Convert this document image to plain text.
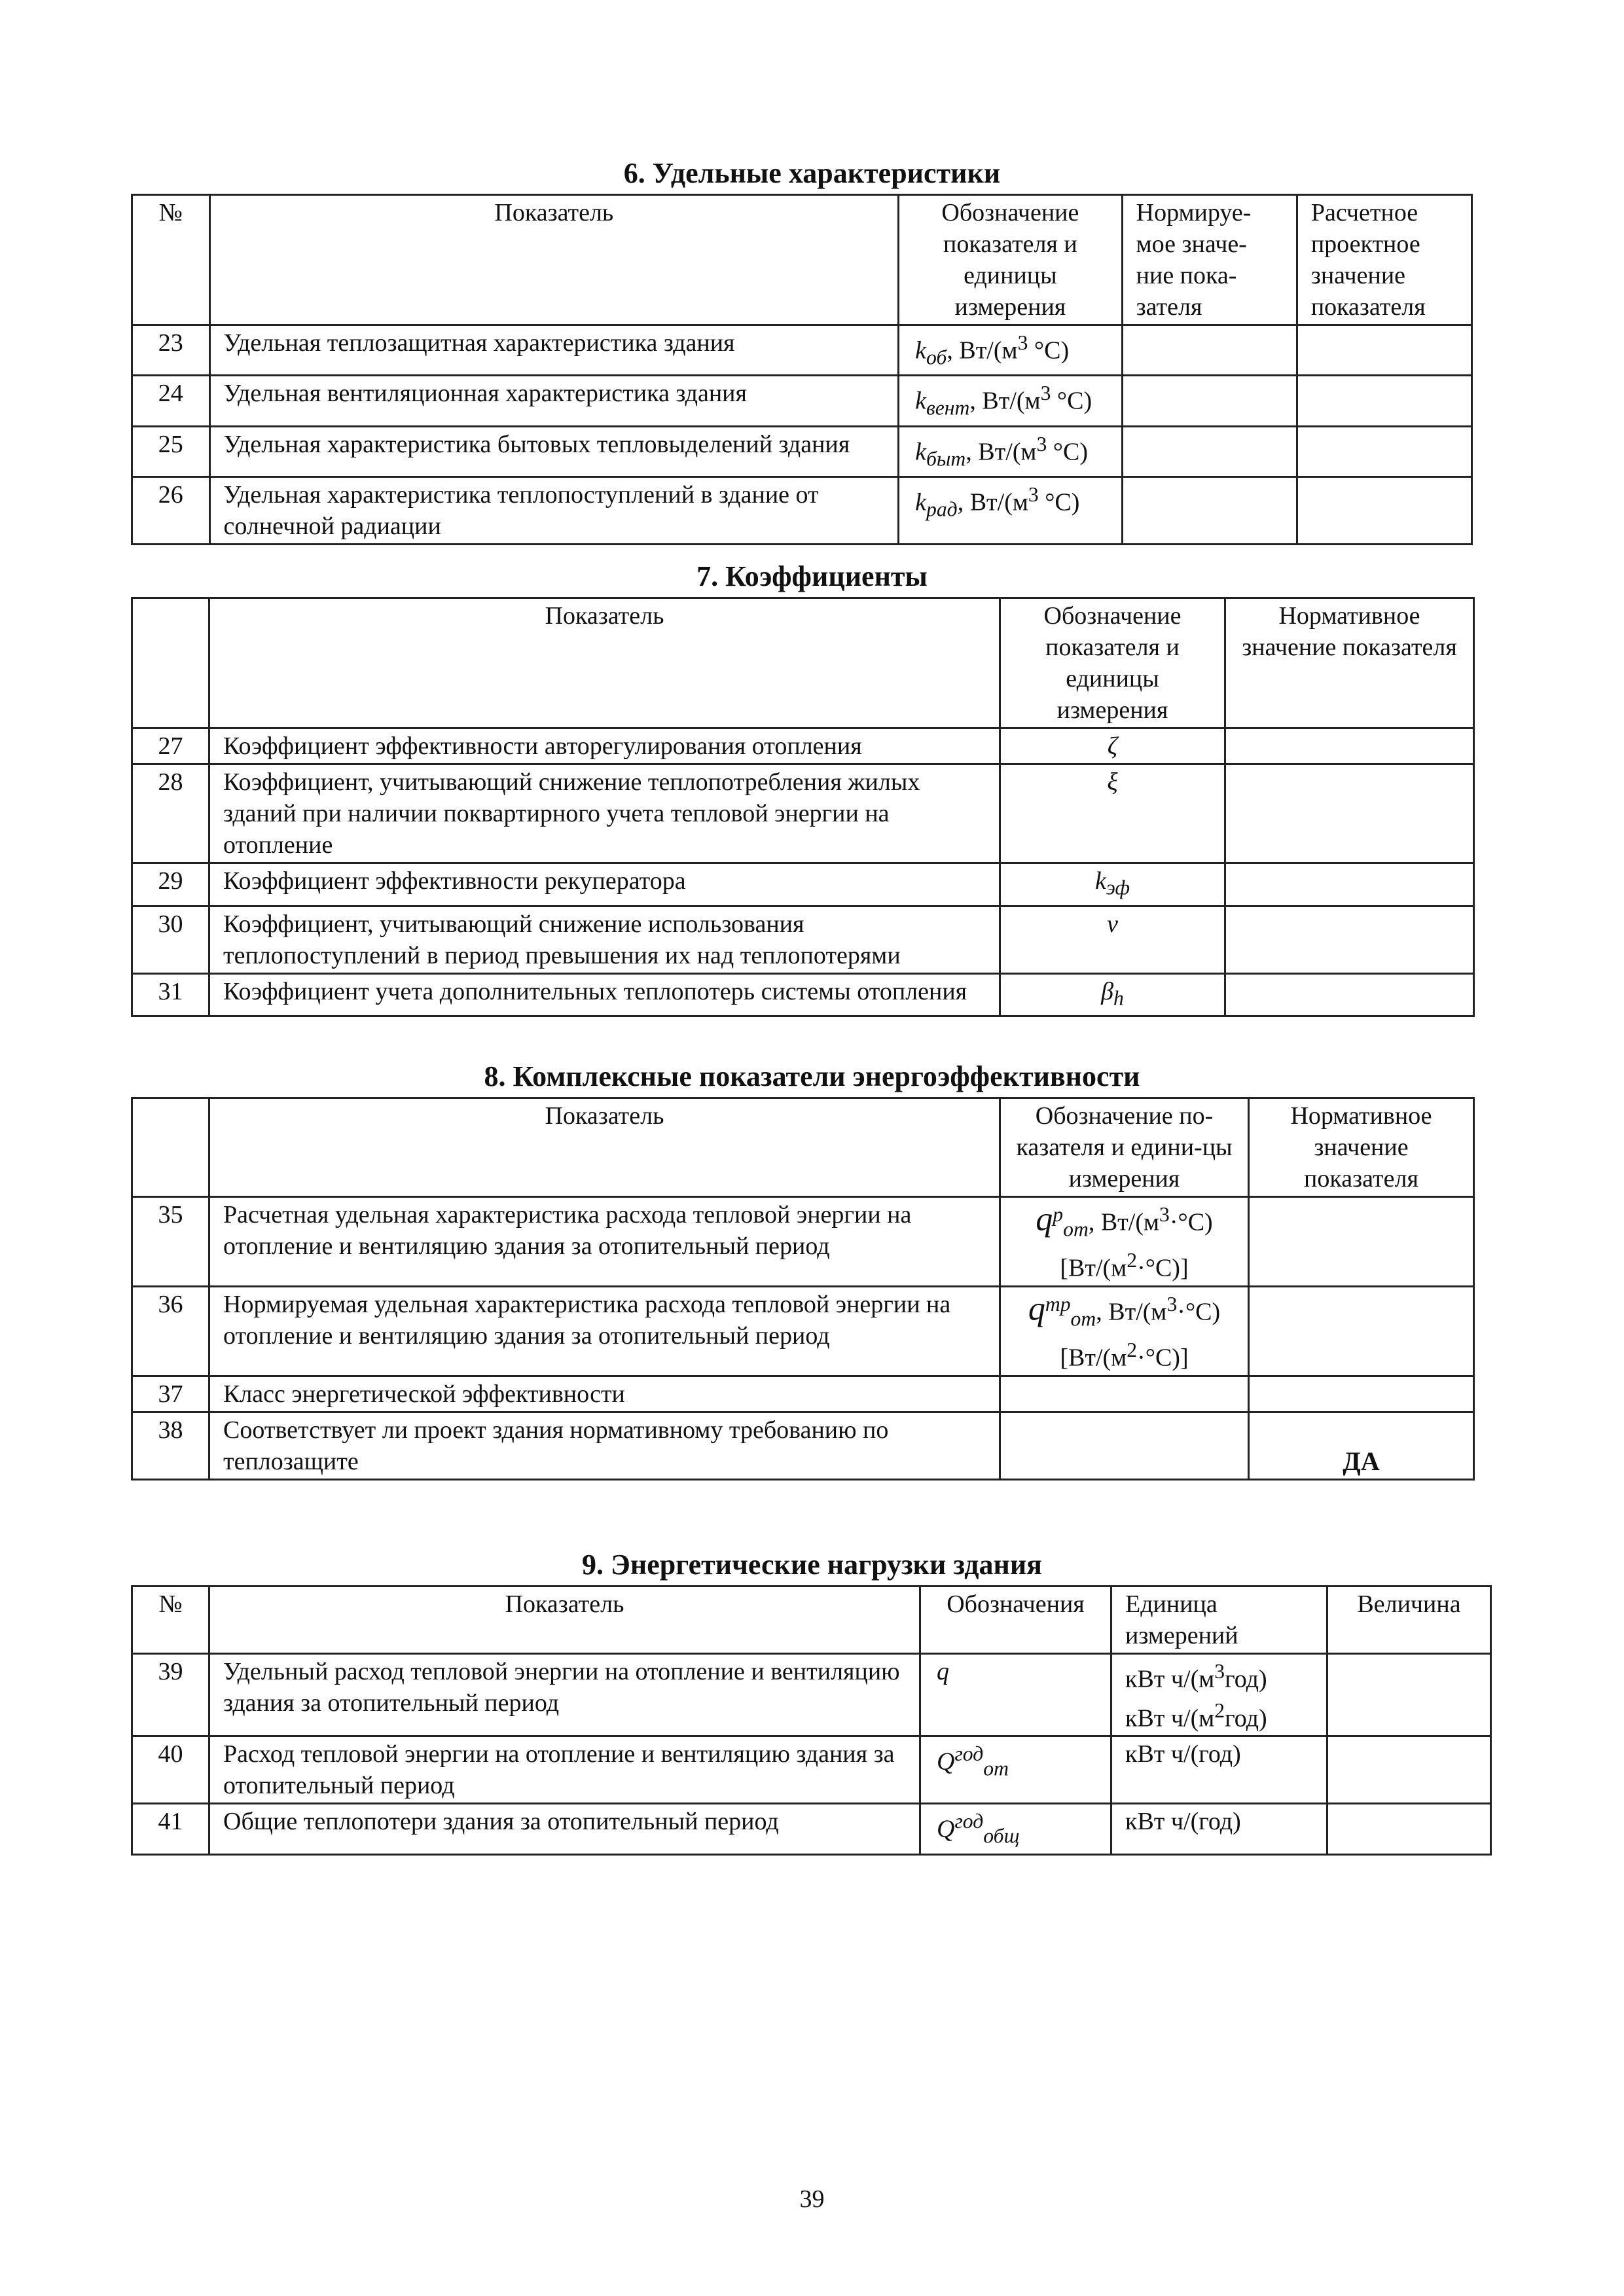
6. Удельные характеристики
№	Показатель	Обозначение показателя и единицы измерения	Нормируе-мое значе-ние пока-зателя	Расчетное проектное значение показателя
23	Удельная теплозащитная характеристика здания	$k_{об}$, $Вт/(м^3$ °С)		
24	Удельная вентиляционная характеристика здания	$k_{вент}$, $Вт/(м^3$ °С)		
25	Удельная характеристика бытовых тепловыделений здания	$k_{быт}$, $Вт/(м^3$ °С)		
26	Удельная характеристика теплопоступлений в здание от солнечной радиации	$k_{рад}$, $Вт/(м^3$ °С)		
7. Коэффициенты
	Показатель	Обозначение показателя и единицы измерения	Нормативное значение показателя
27	Коэффициент эффективности авторегулирования отопления	ζ	
28	Коэффициент, учитывающий снижение теплопотребления жилых зданий при наличии поквартирного учета тепловой энергии на отопление	ξ	
29	Коэффициент эффективности рекуператора	$k_{эф}$	
30	Коэффициент, учитывающий снижение использования теплопоступлений в период превышения их над теплопотерями	ν	
31	Коэффициент учета дополнительных теплопотерь системы отопления	$\beta_h$	
8. Комплексные показатели энергоэффективности
	Показатель	Обозначение по-казателя и едини-цы измерения	Нормативное значение показателя
35	Расчетная удельная характеристика расхода тепловой энергии на отопление и вентиляцию здания за отопительный период	$q^р_{от}$, $Вт/(м^3\cdot^\circ С)$
$[Вт/(м^2\cdot^\circ С)]$	

36	Нормируемая удельная характеристика расхода тепловой энергии на отопление и вентиляцию здания за отопительный период	$q^{тр}_{от}$, $Вт/(м^3\cdot^\circ С)$
$[Вт/(м^2\cdot^\circ С)]$	

37	Класс энергетической эффективности		
38	Соответствует ли проект здания нормативному требованию по теплозащите		ДА
9. Энергетические нагрузки здания
№	Показатель	Обозначения	Единица измерений	Величина
39	Удельный расход тепловой энергии на отопление и вентиляцию здания за отопительный период	q	кВт $ч/(м^3год)$
кВт $ч/(м^2год)$	

40	Расход тепловой энергии на отопление и вентиляцию здания за отопительный период	$Q^{год}_{от}$	кВт ч/(год)	
41	Общие теплопотери здания за отопительный период	$Q^{год}_{общ}$	кВт ч/(год)	
39
